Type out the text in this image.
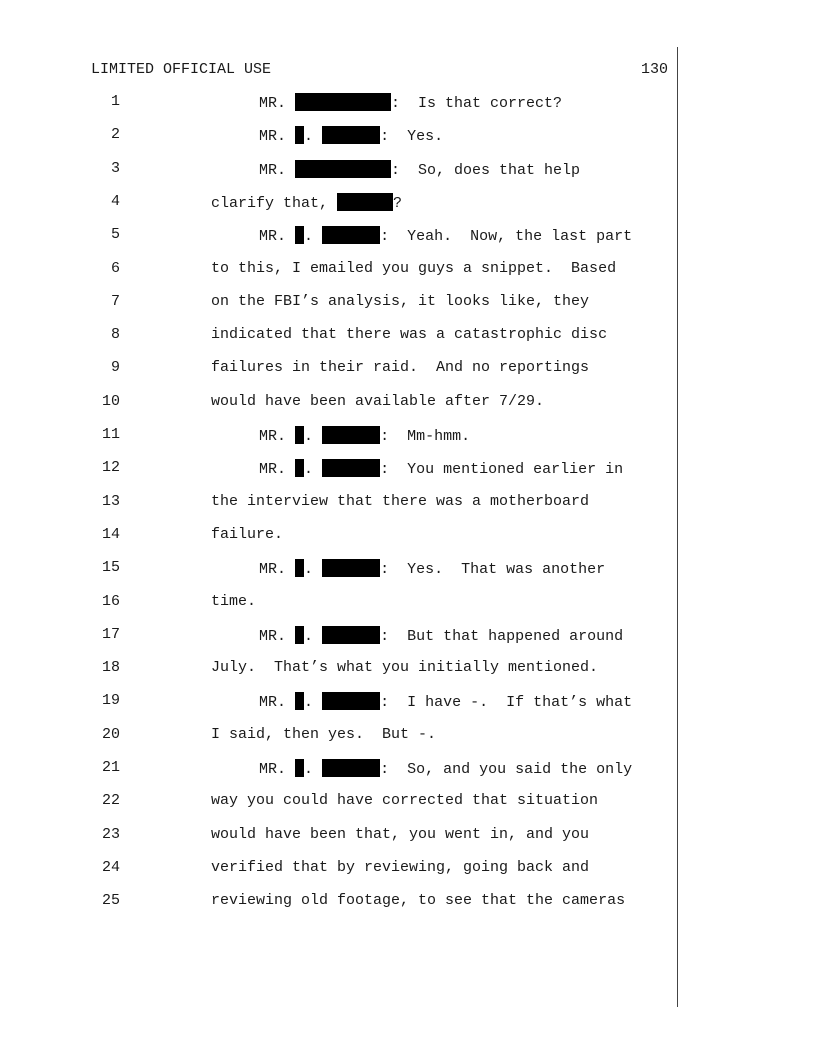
LIMITED OFFICIAL USE	130
1	MR.	:  Is that correct?
2	MR. .	:  Yes.
3	MR.	:  So, does that help
4	clarify that,	?
5	MR. .	:  Yeah.  Now, the last part
6	to this, I emailed you guys a snippet.  Based
7	on the FBI’s analysis, it looks like, they
8	indicated that there was a catastrophic disc
9	failures in their raid.  And no reportings
10	would have been available after 7/29.
11	MR. .	:  Mm-hmm.
12	MR. .	:  You mentioned earlier in
13	the interview that there was a motherboard
14	failure.
15	MR. .	:  Yes.  That was another
16	time.
17	MR. .	:  But that happened around
18	July.  That’s what you initially mentioned.
19	MR. .	:  I have -.  If that’s what
20	I said, then yes.  But -.
21	MR. .	:  So, and you said the only
22	way you could have corrected that situation
23	would have been that, you went in, and you
24	verified that by reviewing, going back and
25	reviewing old footage, to see that the cameras
